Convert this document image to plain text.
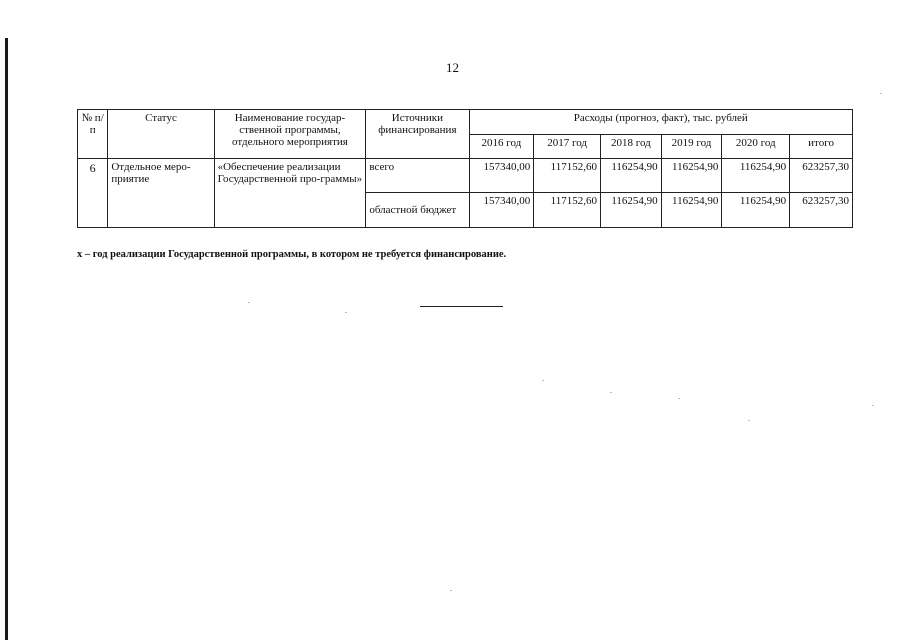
12
№ п/п	Статус	Наименование государ-ственной программы, отдельного мероприятия	Источники финансирования	Расходы (прогноз, факт), тыс. рублей					
				2016 год	2017 год	2018 год	2019 год	2020 год	итого
6	Отдельное меро-приятие	«Обеспечение реализации Государственной про-граммы»	всего	157340,00	117152,60	116254,90	116254,90	116254,90	623257,30
			областной бюджет	157340,00	117152,60	116254,90	116254,90	116254,90	623257,30
x – год реализации Государственной программы, в котором не требуется финансирование.
